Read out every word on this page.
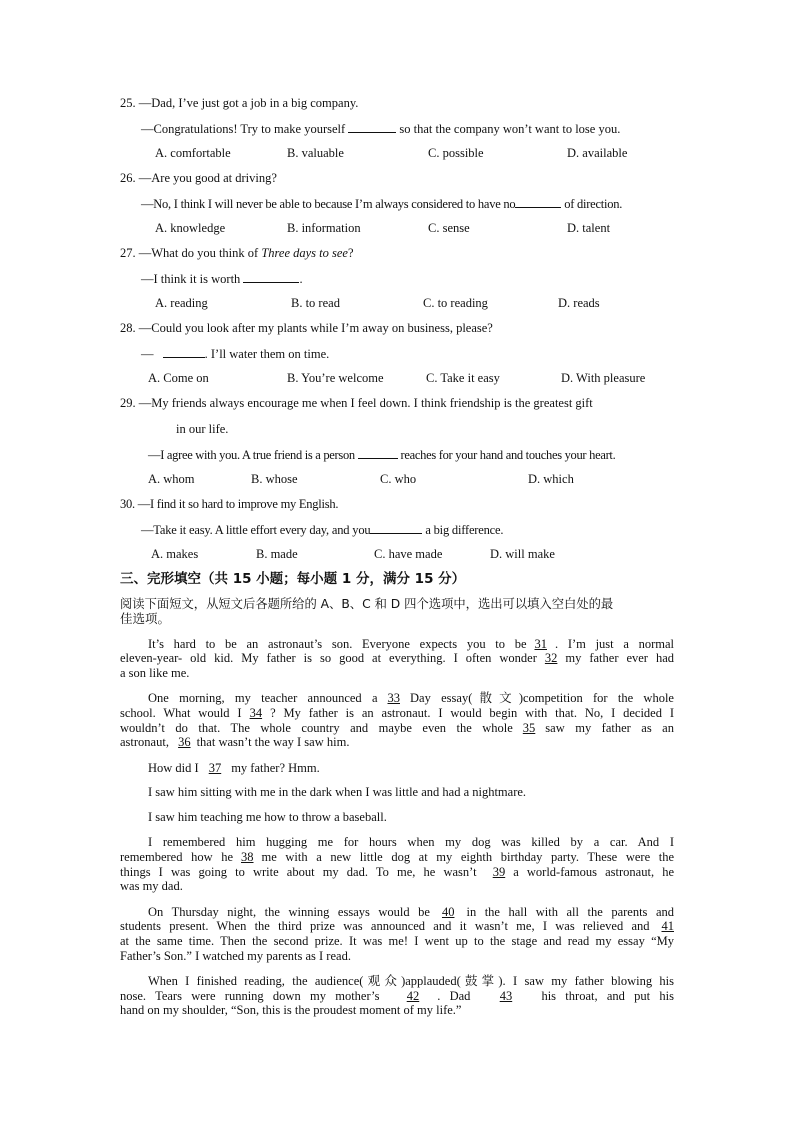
25. —Dad, I’ve just got a job in a big company.
—Congratulations! Try to make yourself	so that the company won’t want to lose you.
A. comfortable	B. valuable	C. possible	D. available
26. —Are you good at driving?
—No, I think I will never be able to because I’m always considered to have no	of direction.
A. knowledge	B. information	C. sense	D. talent
27. —What do you think of Three days to see?
—I think it is worth	.
A. reading	B. to read	C. to reading	D. reads
28. —Could you look after my plants while I’m away on business, please?
—	. I’ll water them on time.
A. Come on	B. You’re welcome	C. Take it easy	D. With pleasure
29. —My friends always encourage me when I feel down. I think friendship is the greatest gift
in our life.
—I agree with you. A true friend is a person	reaches for your hand and touches your heart.
A. whom	B. whose	C. who	D. which
30. —I find it so hard to improve my English.
—Take it easy. A little effort every day, and you	a big difference.
A. makes	B. made	C. have made	D. will make
三、完形填空（共 15 小题；每小题 1 分，满分 15 分）
阅读下面短文，从短文后各题所给的 A、B、C 和 D 四个选项中，选出可以填入空白处的最
佳选项。
It’s hard to be an astronaut’s son. Everyone expects you to be 31 . I’m just a normal
eleven-year- old kid. My father is so good at everything. I often wonder 32 my father ever had
a son like me.
One morning, my teacher announced a 33 Day essay(散文)competition for the whole
school. What would I 34 ? My father is an astronaut. I would begin with that. No, I decided I
wouldn’t do that. The whole country and maybe even the whole 35 saw my father as an
astronaut, 36 that wasn’t the way I saw him.
How did I 37 my father? Hmm.
I saw him sitting with me in the dark when I was little and had a nightmare.
I saw him teaching me how to throw a baseball.
I remembered him hugging me for hours when my dog was killed by a car. And I
remembered how he 38 me with a new little dog at my eighth birthday party. These were the
things I was going to write about my dad. To me, he wasn’t 39 a world-famous astronaut, he
was my dad.
On Thursday night, the winning essays would be 40 in the hall with all the parents and
students present. When the third prize was announced and it wasn’t me, I was relieved and 41
at the same time. Then the second prize. It was me! I went up to the stage and read my essay “My
Father’s Son.” I watched my parents as I read.
When I finished reading, the audience(观众)applauded(鼓掌). I saw my father blowing his
nose. Tears were running down my mother’s 42 . Dad 43 his throat, and put his
hand on my shoulder, “Son, this is the proudest moment of my life.”
